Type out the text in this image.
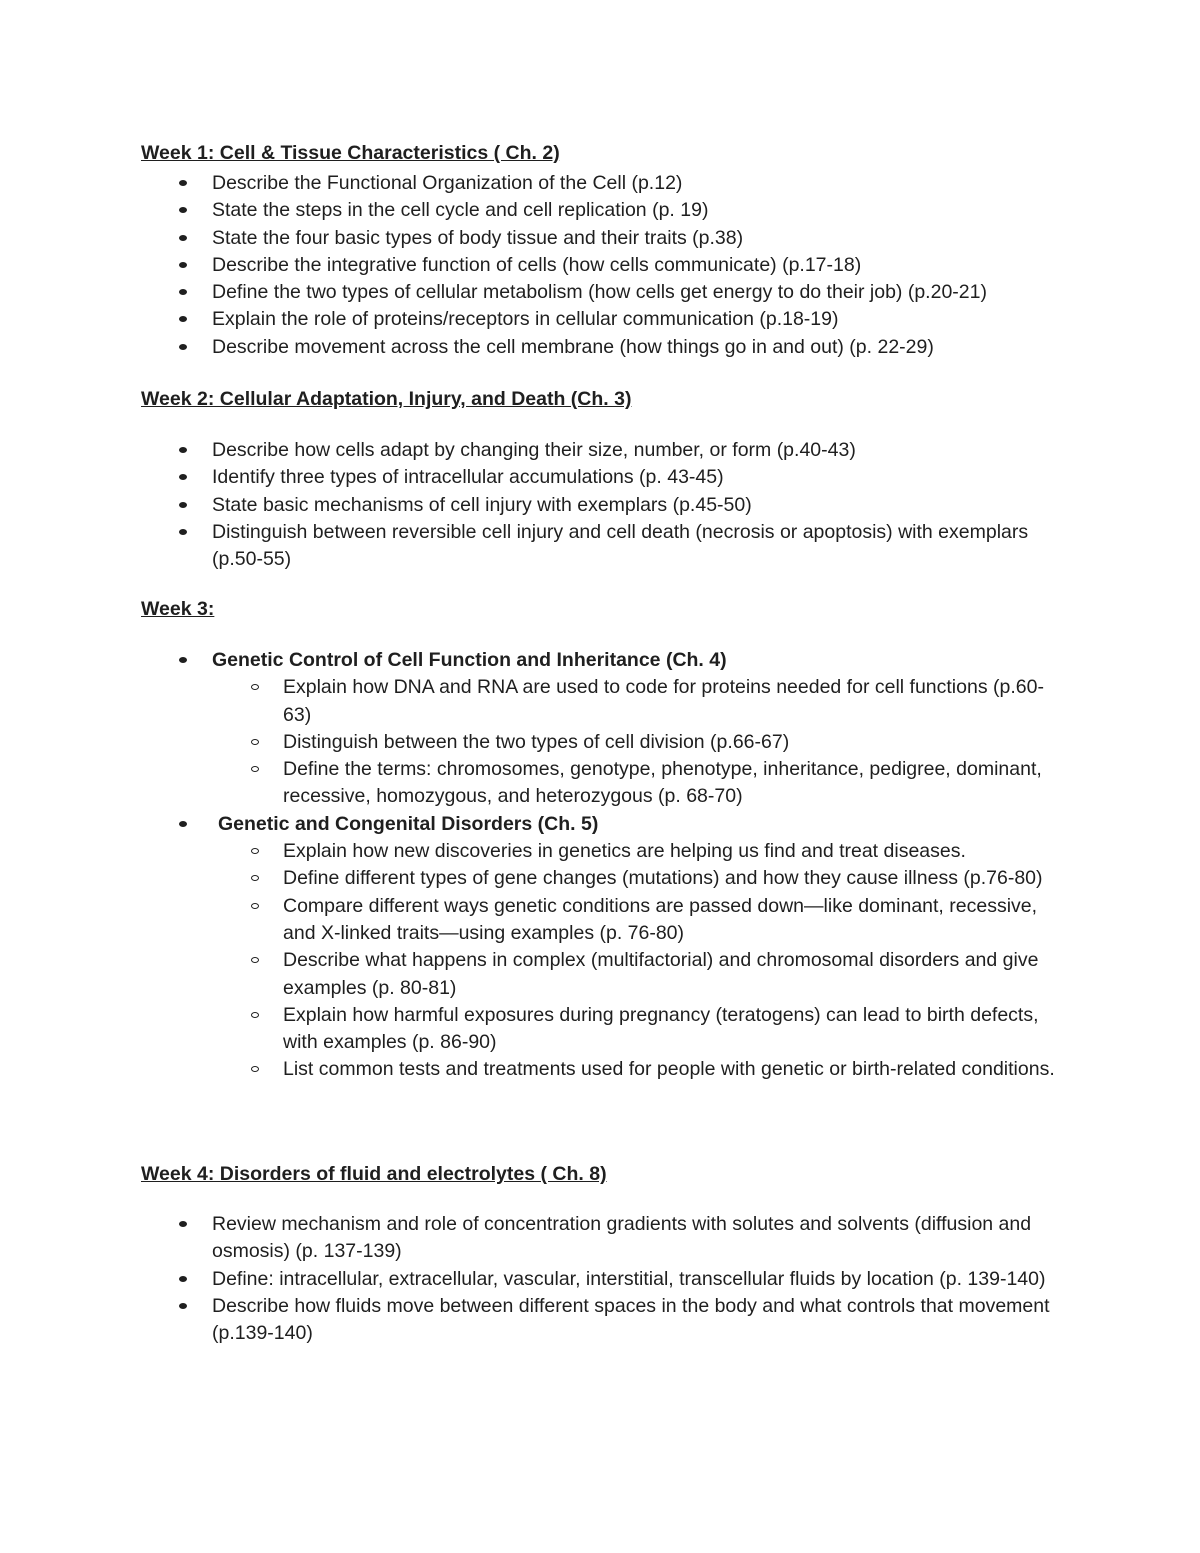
Week 1: Cell & Tissue Characteristics ( Ch. 2)
Describe the Functional Organization of the Cell (p.12)
State the steps in the cell cycle and cell replication (p. 19)
State the four basic types of body tissue and their traits (p.38)
Describe the integrative function of cells (how cells communicate) (p.17-18)
Define the two types of cellular metabolism (how cells get energy to do their job) (p.20-21)
Explain the role of proteins/receptors in cellular communication (p.18-19)
Describe movement across the cell membrane (how things go in and out) (p. 22-29)
Week 2: Cellular Adaptation, Injury, and Death (Ch. 3)
Describe how cells adapt by changing their size, number, or form (p.40-43)
Identify three types of intracellular accumulations (p. 43-45)
State basic mechanisms of cell injury with exemplars (p.45-50)
Distinguish between reversible cell injury and cell death (necrosis or apoptosis) with exemplars (p.50-55)
Week 3:
Genetic Control of Cell Function and Inheritance (Ch. 4)
Explain how DNA and RNA are used to code for proteins needed for cell functions (p.60-63)
Distinguish between the two types of cell division (p.66-67)
Define the terms: chromosomes, genotype, phenotype, inheritance, pedigree, dominant, recessive, homozygous, and heterozygous (p. 68-70)
Genetic and Congenital Disorders (Ch. 5)
Explain how new discoveries in genetics are helping us find and treat diseases.
Define different types of gene changes (mutations) and how they cause illness (p.76-80)
Compare different ways genetic conditions are passed down—like dominant, recessive, and X-linked traits—using examples (p. 76-80)
Describe what happens in complex (multifactorial) and chromosomal disorders and give examples (p. 80-81)
Explain how harmful exposures during pregnancy (teratogens) can lead to birth defects, with examples (p. 86-90)
List common tests and treatments used for people with genetic or birth-related conditions.
Week 4: Disorders of fluid and electrolytes ( Ch. 8)
Review mechanism and role of concentration gradients with solutes and solvents (diffusion and osmosis) (p. 137-139)
Define: intracellular, extracellular, vascular, interstitial, transcellular fluids by location (p. 139-140)
Describe how fluids move between different spaces in the body and what controls that movement (p.139-140)
